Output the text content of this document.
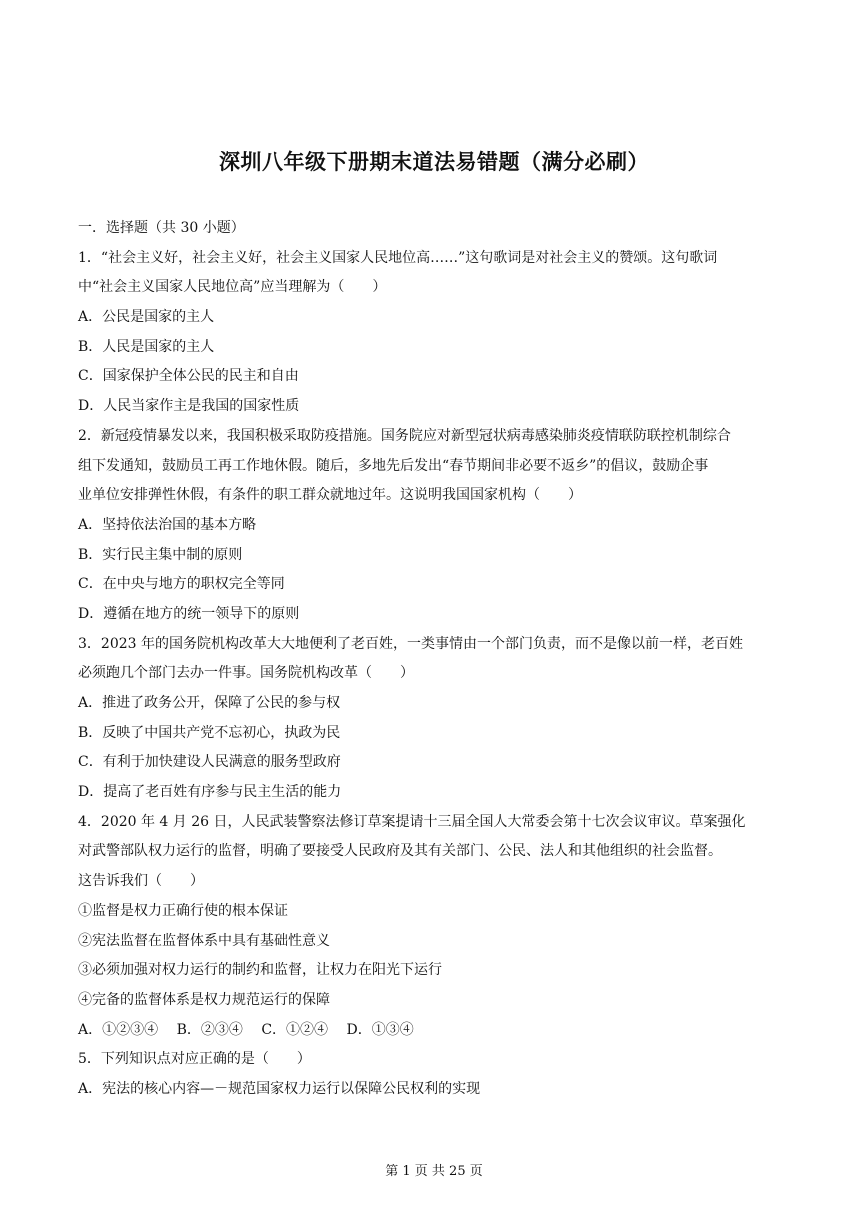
深圳八年级下册期末道法易错题（满分必刷）
一．选择题（共 30 小题）
1．“社会主义好，社会主义好，社会主义国家人民地位高……”这句歌词是对社会主义的赞颂。这句歌词
中“社会主义国家人民地位高”应当理解为（　　）
A．公民是国家的主人
B．人民是国家的主人
C．国家保护全体公民的民主和自由
D．人民当家作主是我国的国家性质
2．新冠疫情暴发以来，我国积极采取防疫措施。国务院应对新型冠状病毒感染肺炎疫情联防联控机制综合
组下发通知，鼓励员工再工作地休假。随后，多地先后发出“春节期间非必要不返乡”的倡议，鼓励企事
业单位安排弹性休假，有条件的职工群众就地过年。这说明我国国家机构（　　）
A．坚持依法治国的基本方略
B．实行民主集中制的原则
C．在中央与地方的职权完全等同
D．遵循在地方的统一领导下的原则
3．2023 年的国务院机构改革大大地便利了老百姓，一类事情由一个部门负责，而不是像以前一样，老百姓
必须跑几个部门去办一件事。国务院机构改革（　　）
A．推进了政务公开，保障了公民的参与权
B．反映了中国共产党不忘初心，执政为民
C．有利于加快建设人民满意的服务型政府
D．提高了老百姓有序参与民主生活的能力
4．2020 年 4 月 26 日，人民武装警察法修订草案提请十三届全国人大常委会第十七次会议审议。草案强化
对武警部队权力运行的监督，明确了要接受人民政府及其有关部门、公民、法人和其他组织的社会监督。
这告诉我们（　　）
①监督是权力正确行使的根本保证
②宪法监督在监督体系中具有基础性意义
③必须加强对权力运行的制约和监督，让权力在阳光下运行
④完备的监督体系是权力规范运行的保障
A．①②③④ B．②③④ C．①②④ D．①③④
5．下列知识点对应正确的是（　　）
A．宪法的核心内容—－规范国家权力运行以保障公民权利的实现
第 1 页 共 25 页
